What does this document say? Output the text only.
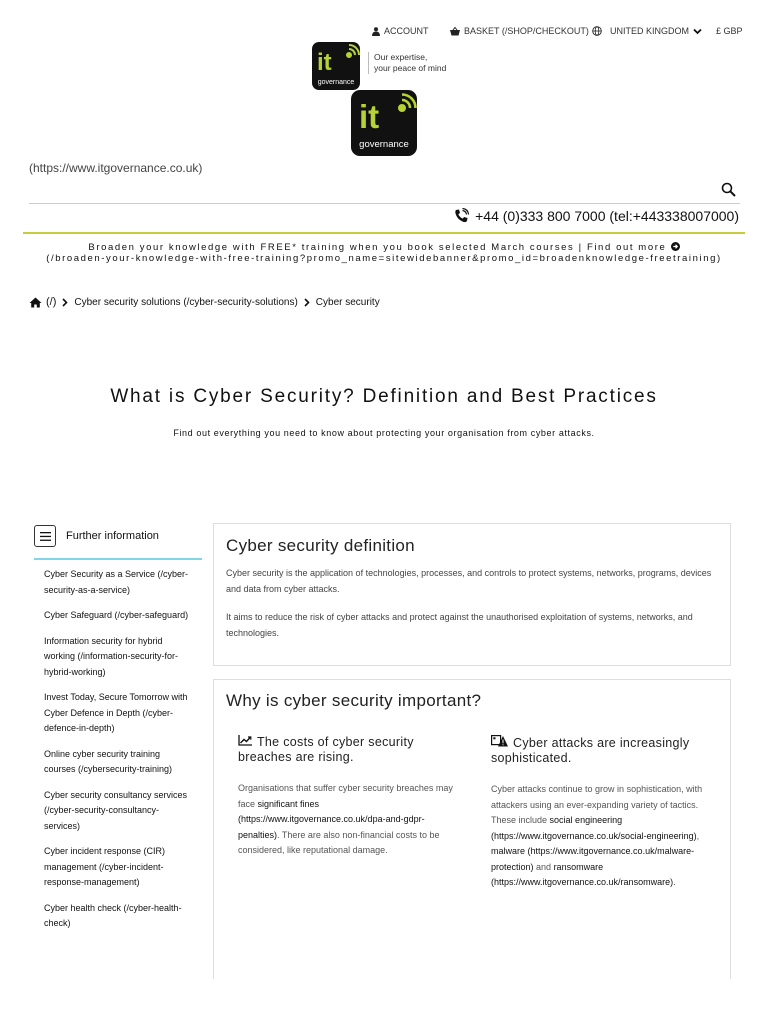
ACCOUNT	BASKET (/SHOP/CHECKOUT) UNITED KINGDOM	£ GBP
it
governance
Our expertise,
your peace of mind
it
governance
(https://www.itgovernance.co.uk)
+44 (0)333 800 7000 (tel:+443338007000)
Broaden your knowledge with FREE* training when you book selected March courses | Find out more
(/broaden-your-knowledge-with-free-training?promo_name=sitewidebanner&promo_id=broadenknowledge-freetraining)
(/) Cyber security solutions (/cyber-security-solutions) Cyber security
What is Cyber Security? Definition and Best Practices
Find out everything you need to know about protecting your organisation from cyber attacks.
Further information
Cyber Security as a Service (/cyber-security-as-a-service)
Cyber Safeguard (/cyber-safeguard)
Information security for hybrid working (/information-security-for-hybrid-working)
Invest Today, Secure Tomorrow with Cyber Defence in Depth (/cyber-defence-in-depth)
Online cyber security training courses (/cybersecurity-training)
Cyber security consultancy services (/cyber-security-consultancy-services)
Cyber incident response (CIR) management (/cyber-incident-response-management)
Cyber health check (/cyber-health-check)
Cyber security definition

Cyber security is the application of technologies, processes, and controls to protect systems, networks, programs, devices and data from cyber attacks.

It aims to reduce the risk of cyber attacks and protect against the unauthorised exploitation of systems, networks, and technologies.

Why is cyber security important?
The costs of cyber security breaches are rising.
Organisations that suffer cyber security breaches may face significant fines (https://www.itgovernance.co.uk/dpa-and-gdpr-penalties). There are also non-financial costs to be considered, like reputational damage.
Cyber attacks are increasingly sophisticated.
Cyber attacks continue to grow in sophistication, with attackers using an ever-expanding variety of tactics. These include social engineering (https://www.itgovernance.co.uk/social-engineering), malware (https://www.itgovernance.co.uk/malware-protection) and ransomware (https://www.itgovernance.co.uk/ransomware).
